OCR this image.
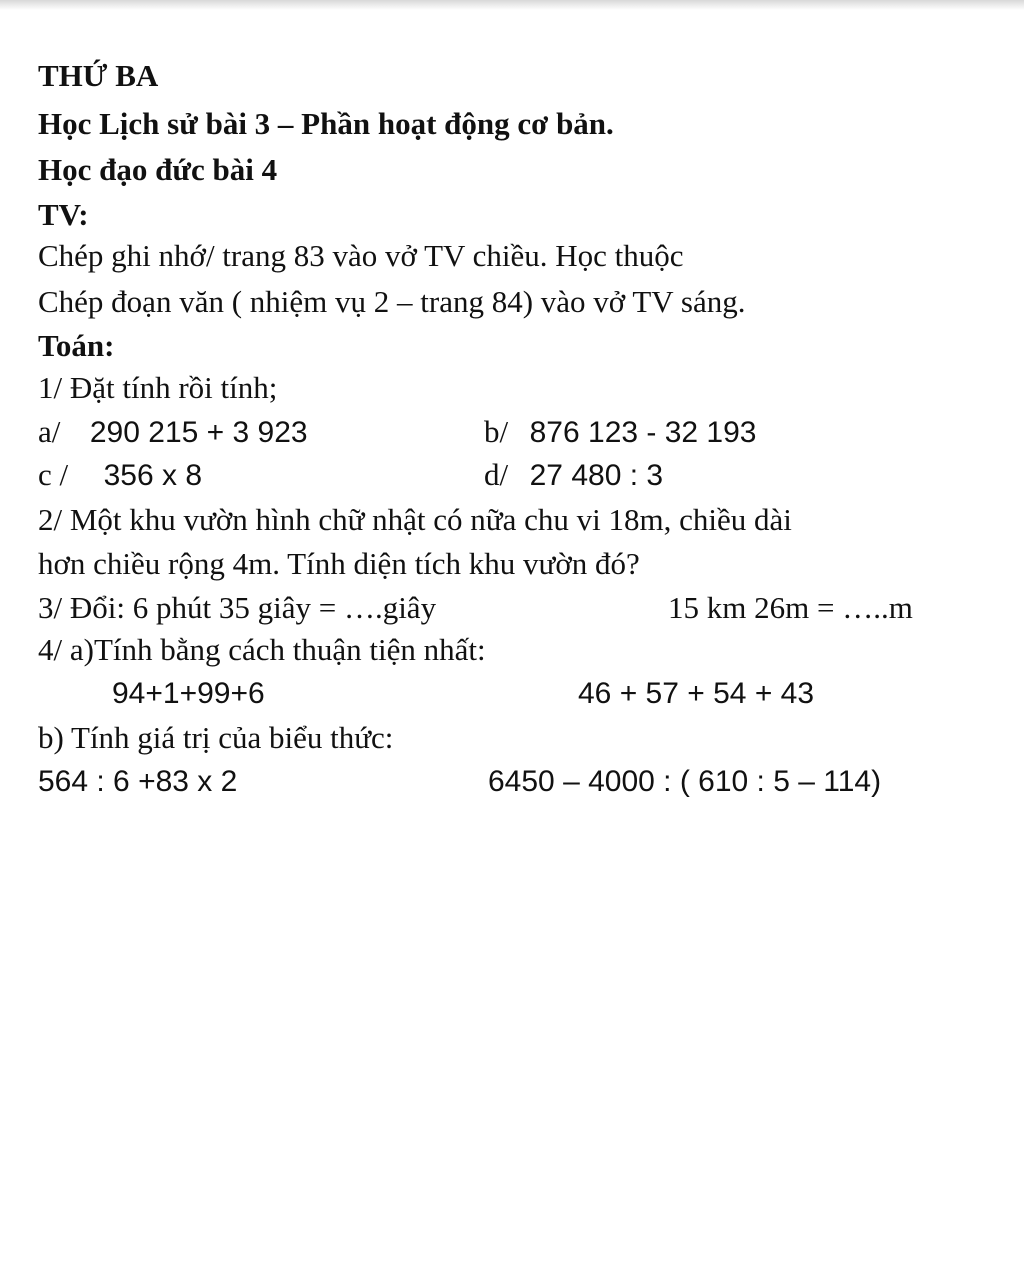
THỨ BA
Học Lịch sử bài 3 – Phần hoạt động cơ bản.
Học đạo đức bài 4
TV:
Chép ghi nhớ/ trang 83 vào vở TV chiều. Học thuộc
Chép đoạn văn ( nhiệm vụ 2 – trang 84) vào vở TV sáng.
Toán:
1/ Đặt tính rồi tính;
a/ 290 215 + 3 923	b/ 876 123 - 32 193
c / 356 x 8	d/ 27 480 : 3
2/ Một khu vườn hình chữ nhật có nữa chu vi 18m, chiều dài
hơn chiều rộng 4m. Tính diện tích khu vườn đó?
3/ Đổi: 6 phút 35 giây = ….giây	15 km 26m = …..m
4/ a)Tính bằng cách thuận tiện nhất:
94+1+99+6	46 + 57 + 54 + 43
b) Tính giá trị của biểu thức:
564 : 6 +83 x 2	6450 – 4000 : ( 610 : 5 – 114)
